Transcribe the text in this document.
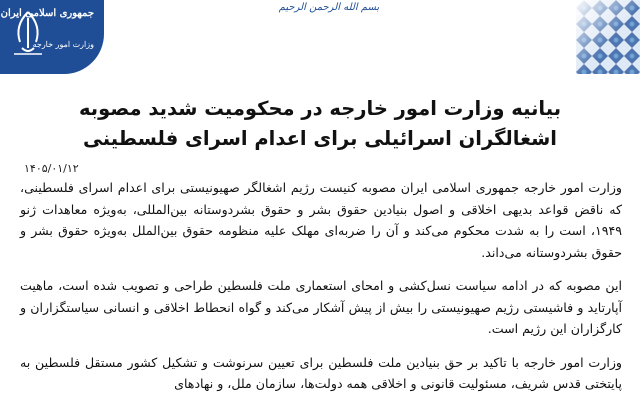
جمهوری اسلامی ایران
وزارت امور خارجه
بسم الله الرحمن الرحیم
بیانیه وزارت امور خارجه در محکومیت شدید مصوبه
اشغالگران اسرائیلی برای اعدام اسرای فلسطینی
۱۴۰۵/۰۱/۱۲

وزارت امور خارجه جمهوری اسلامی ایران مصوبه کنیست رژیم اشغالگر صهیونیستی برای اعدام اسرای فلسطینی، که ناقض قواعد بدیهی اخلاقی و اصول بنیادین حقوق بشر و حقوق بشردوستانه بین‌المللی، به‌ویژه معاهدات ژنو ۱۹۴۹، است را به شدت محکوم می‌کند و آن را ضربه‌ای مهلک علیه منظومه حقوق بین‌الملل به‌ویژه حقوق بشر و حقوق بشردوستانه می‌داند.

این مصوبه که در ادامه سیاست نسل‌کشی و امحای استعماری ملت فلسطین طراحی و تصویب شده است، ماهیت آپارتاید و فاشیستی رژیم صهیونیستی را بیش از پیش آشکار می‌کند و گواه انحطاط اخلاقی و انسانی سیاستگزاران و کارگزاران این رژیم است.

وزارت امور خارجه با تاکید بر حق بنیادین ملت فلسطین برای تعیین سرنوشت و تشکیل کشور مستقل فلسطین به پایتختی قدس شریف، مسئولیت قانونی و اخلاقی همه دولت‌ها، سازمان ملل، و نهادهای
